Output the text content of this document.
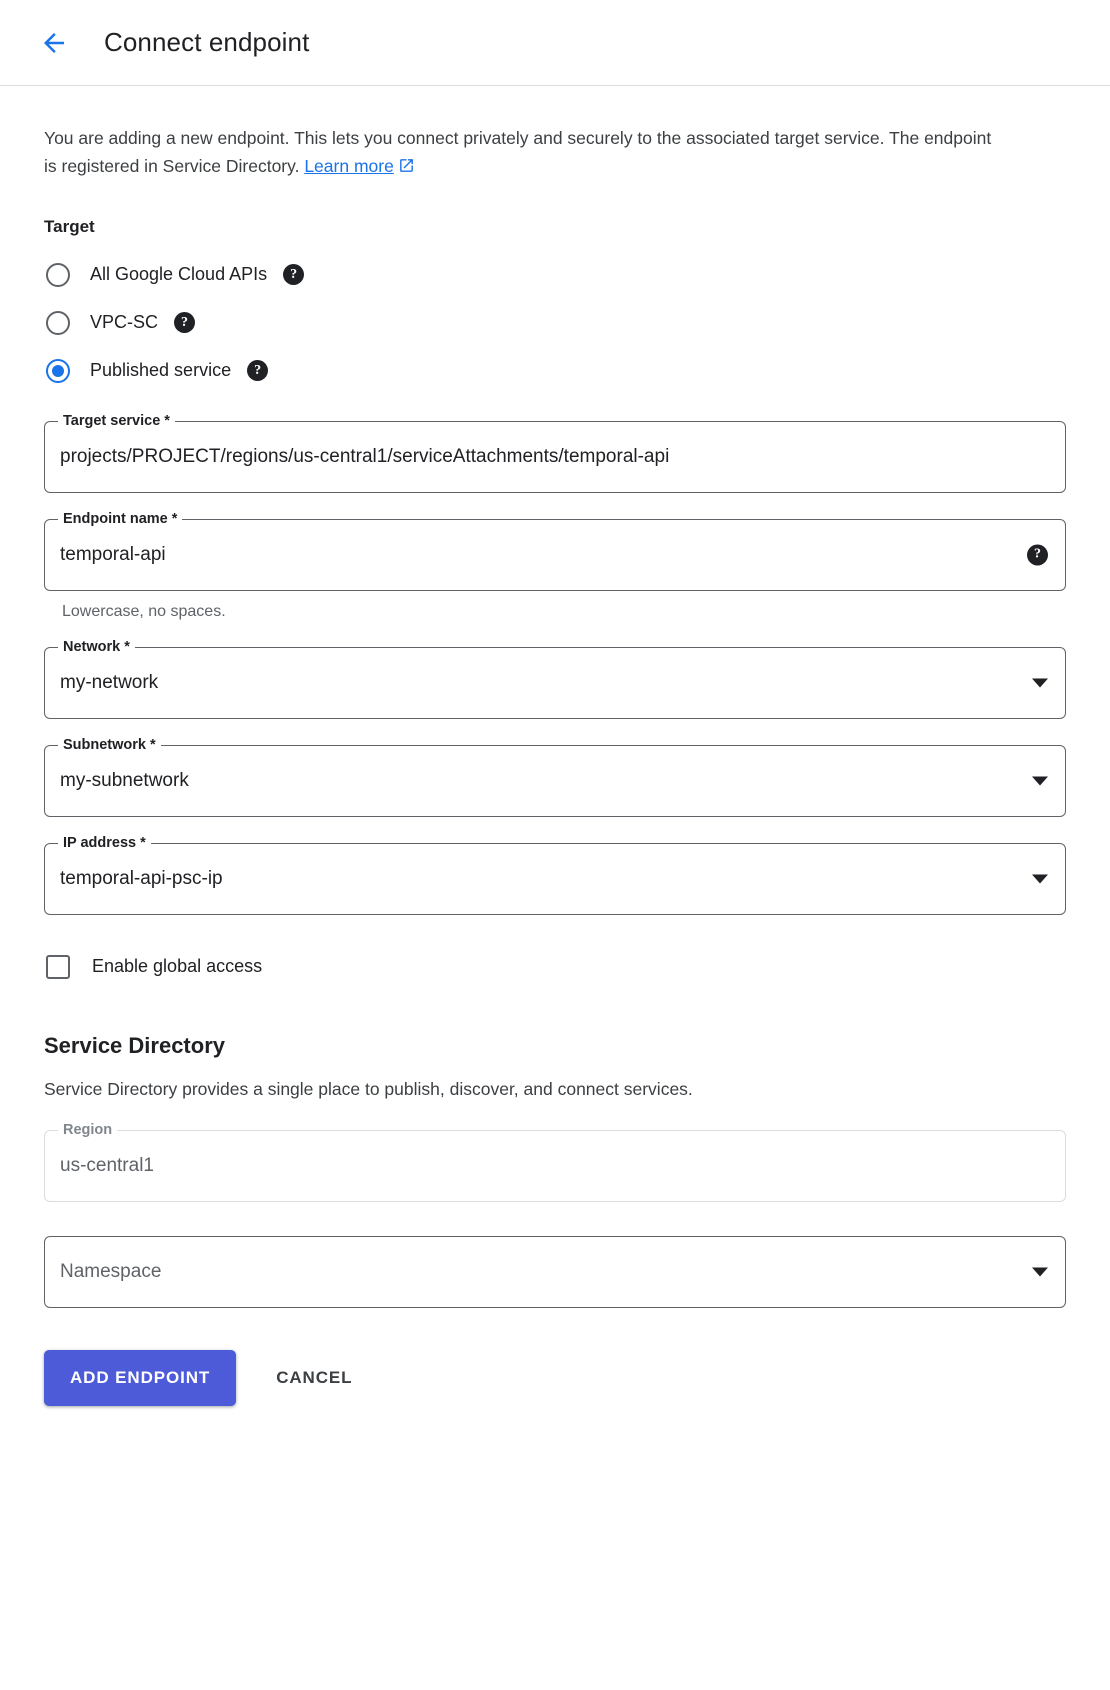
Connect endpoint

You are adding a new endpoint. This lets you connect privately and securely to the associated target service. The endpoint is registered in Service Directory. Learn more

Target
All Google Cloud APIs	?
VPC-SC	?
Published service	?
Target service *
projects/PROJECT/regions/us-central1/serviceAttachments/temporal-api
Endpoint name *
temporal-api	?
Lowercase, no spaces.
Network *
my-network
Subnetwork *
my-subnetwork
IP address *
temporal-api-psc-ip
Enable global access
Service Directory
Service Directory provides a single place to publish, discover, and connect services.
Region
us-central1
Namespace
ADD ENDPOINT	CANCEL
